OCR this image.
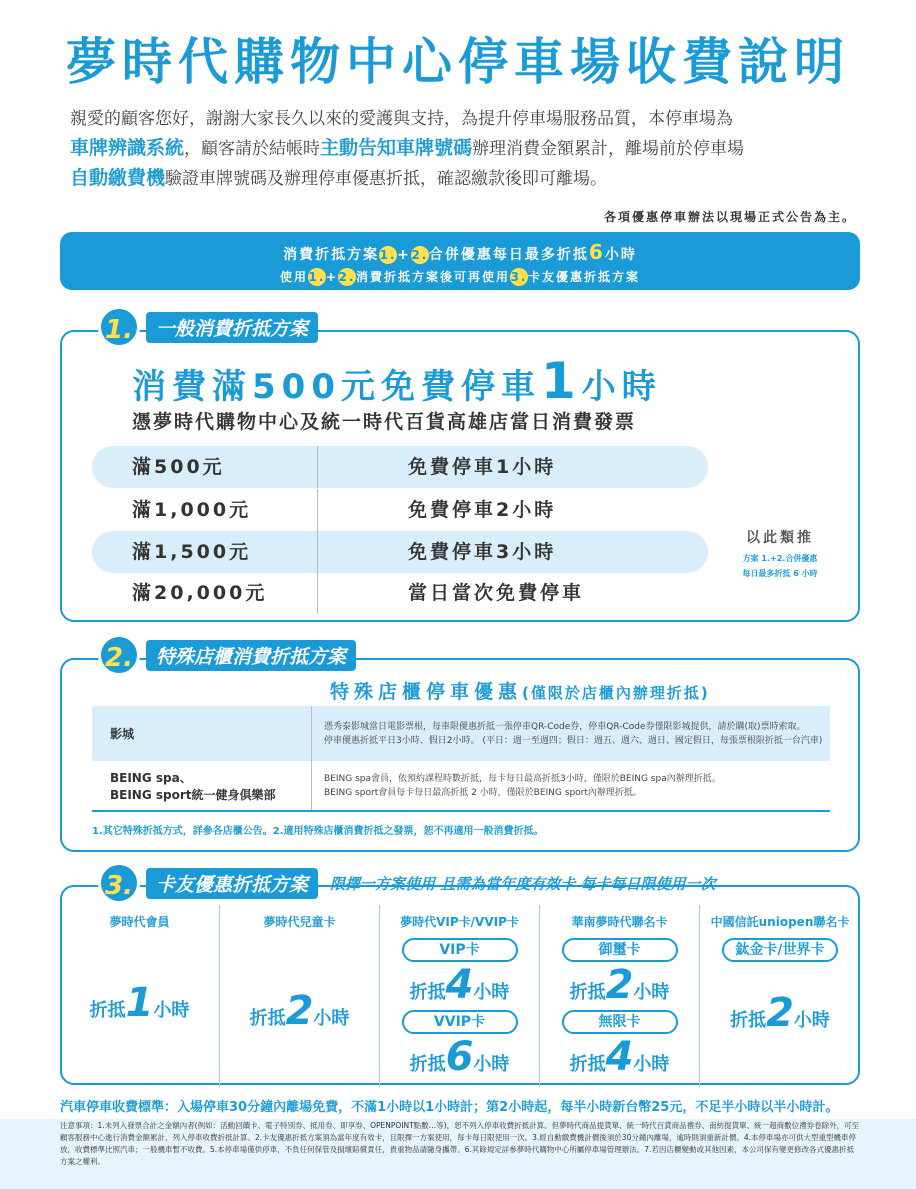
夢時代購物中心停車場收費說明
親愛的顧客您好，謝謝大家長久以來的愛護與支持，為提升停車場服務品質，本停車場為
車牌辨識系統，顧客請於結帳時主動告知車牌號碼辦理消費金額累計，離場前於停車場
自動繳費機驗證車牌號碼及辦理停車優惠折抵，確認繳款後即可離場。
各項優惠停車辦法以現場正式公告為主。
消費折抵方案1.+2.合併優惠每日最多折抵6小時
使用1.+2.消費折抵方案後可再使用3.卡友優惠折抵方案
1.	一般消費折抵方案
消費滿500元免費停車1小時
憑夢時代購物中心及統一時代百貨高雄店當日消費發票
滿500元	免費停車1小時
滿1,000元	免費停車2小時
滿1,500元	免費停車3小時
滿20,000元	當日當次免費停車
以此類推
方案 1.+2.合併優惠
每日最多折抵 6 小時
2.	特殊店櫃消費折抵方案
特殊店櫃停車優惠(僅限於店櫃內辦理折抵)
影城
憑秀泰影城當日電影票根，每車限優惠折抵一張停車QR-Code券，停車QR-Code券僅限影城提供，請於購(取)票時索取。
停車優惠折抵平日3小時、假日2小時。 (平日：週一至週四；假日：週五、週六、週日、國定假日，每張票根限折抵一台汽車)
BEING spa、
BEING sport統一健身俱樂部
BEING spa會員，依預約課程時數折抵，每卡每日最高折抵3小時，僅限於BEING spa內辦理折抵。
BEING sport會員每卡每日最高折抵 2 小時，僅限於BEING sport內辦理折抵。
1.其它特殊折抵方式，詳參各店櫃公告。2.適用特殊店櫃消費折抵之發票，恕不再適用一般消費折抵。
3.	卡友優惠折抵方案	限擇一方案使用 且需為當年度有效卡 每卡每日限使用一次
夢時代會員
折抵1小時
夢時代兒童卡
折抵2小時
夢時代VIP卡/VVIP卡
VIP卡
折抵4小時
VVIP卡
折抵6小時
華南夢時代聯名卡
御璽卡
折抵2小時
無限卡
折抵4小時
中國信託uniopen聯名卡
鈦金卡/世界卡
折抵2小時
汽車停車收費標準：入場停車30分鐘內離場免費，不滿1小時以1小時計；第2小時起，每半小時新台幣25元，不足半小時以半小時計。
注意事項：1.未列入發票合計之金額內者(例如：活動回饋卡、電子特別券、抵用券、即享券、OPENPOINT點數…等)，恕不列入停車收費折抵計算。但夢時代商品提貨單、統一時代百貨商品禮券、南紡提貨單、統一超商數位禮券卷除外，可至顧客服務中心進行消費金額累計，列入停車收費折抵計算。2.卡友優惠折抵方案須為當年度有效卡，且限擇一方案使用，每卡每日限使用一次。3.經自動繳費機計價後須於30分鐘內離場，逾時則須重新計價。4.本停車場亦可供大型重型機車停放，收費標準比照汽車；一般機車暫不收費。5.本停車場僅供停車，不負任何保管及損壞賠償責任，貴重物品請隨身攜帶。6.其餘規定詳參夢時代購物中心所屬停車場管理辦法。7.若因店櫃變動或其他因素，本公司保有變更修改各式優惠折抵方案之權利。
